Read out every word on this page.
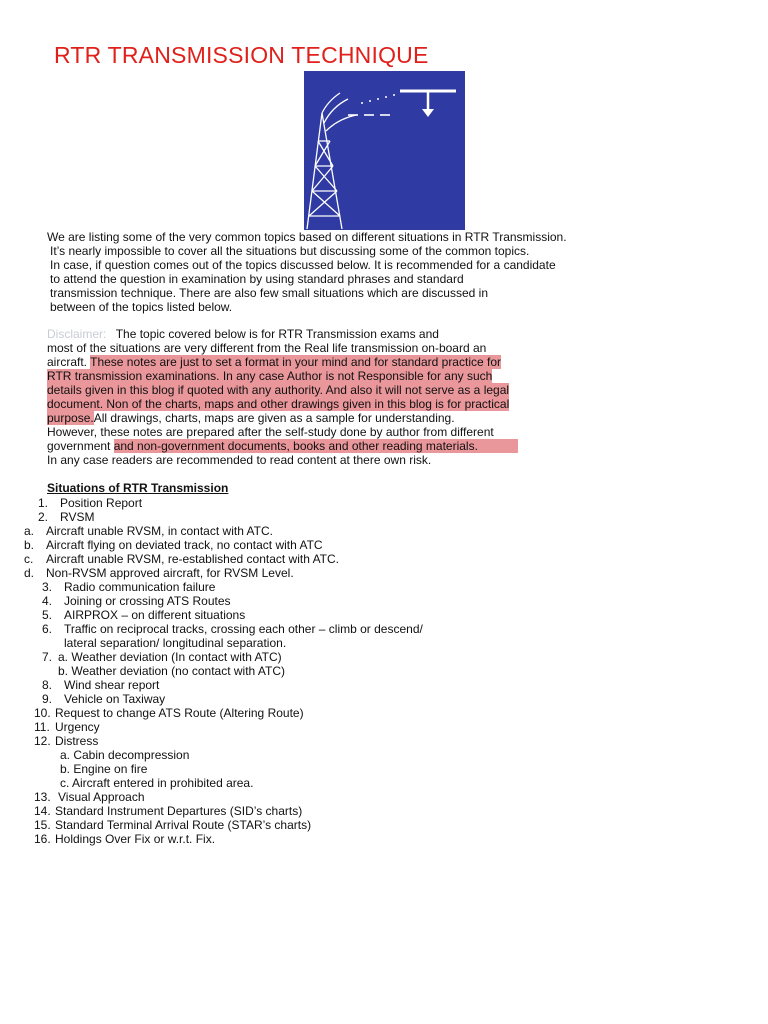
RTR TRANSMISSION TECHNIQUE
We are listing some of the very common topics based on different situations in RTR Transmission.
It’s nearly impossible to cover all the situations but discussing some of the common topics.
In case, if question comes out of the topics discussed below. It is recommended for a candidate
to attend the question in examination by using standard phrases and standard
transmission technique. There are also few small situations which are discussed in
between of the topics listed below.
Disclaimer: The topic covered below is for RTR Transmission exams and
most of the situations are very different from the Real life transmission on-board an
aircraft. These notes are just to set a format in your mind and for standard practice for
RTR transmission examinations. In any case Author is not Responsible for any such
details given in this blog if quoted with any authority. And also it will not serve as a legal
document. Non of the charts, maps and other drawings given in this blog is for practical
purpose.All drawings, charts, maps are given as a sample for understanding.
However, these notes are prepared after the self-study done by author from different
government and non-government documents, books and other reading materials.
In any case readers are recommended to read content at there own risk.
Situations of RTR Transmission
1. Position Report
2. RVSM
a. Aircraft unable RVSM, in contact with ATC.
b. Aircraft flying on deviated track, no contact with ATC
c. Aircraft unable RVSM, re-established contact with ATC.
d. Non-RVSM approved aircraft, for RVSM Level.
3. Radio communication failure
4. Joining or crossing ATS Routes
5. AIRPROX – on different situations
6. Traffic on reciprocal tracks, crossing each other – climb or descend/
lateral separation/ longitudinal separation.
7. a. Weather deviation (In contact with ATC)
b. Weather deviation (no contact with ATC)
8. Wind shear report
9. Vehicle on Taxiway
10. Request to change ATS Route (Altering Route)
11. Urgency
12. Distress
a. Cabin decompression
b. Engine on fire
c. Aircraft entered in prohibited area.
13. Visual Approach
14. Standard Instrument Departures (SID’s charts)
15. Standard Terminal Arrival Route (STAR’s charts)
16. Holdings Over Fix or w.r.t. Fix.
